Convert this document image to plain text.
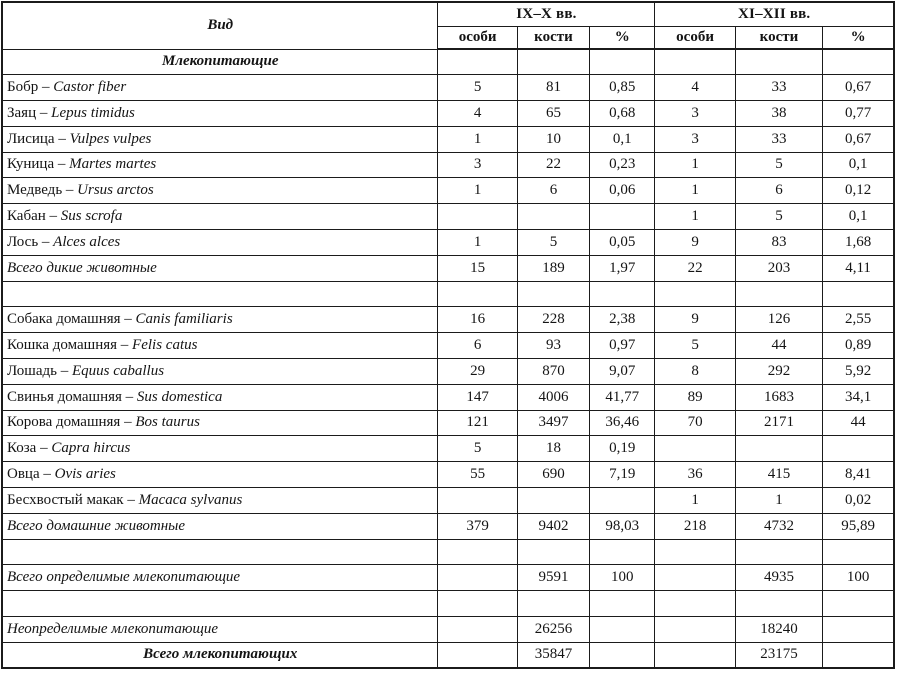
Вид	IX–X вв.			XI–XII вв.		
	особи	кости	%	особи	кости	%
Млекопитающие						
Бобр – Castor fiber	5	81	0,85	4	33	0,67
Заяц – Lepus timidus	4	65	0,68	3	38	0,77
Лисица – Vulpes vulpes	1	10	0,1	3	33	0,67
Куница – Martes martes	3	22	0,23	1	5	0,1
Медведь – Ursus arctos	1	6	0,06	1	6	0,12
Кабан – Sus scrofa				1	5	0,1
Лось – Alces alces	1	5	0,05	9	83	1,68
Всего дикие животные	15	189	1,97	22	203	4,11

Собака домашняя – Canis familiaris	16	228	2,38	9	126	2,55
Кошка домашняя – Felis catus	6	93	0,97	5	44	0,89
Лошадь – Equus caballus	29	870	9,07	8	292	5,92
Свинья домашняя – Sus domestica	147	4006	41,77	89	1683	34,1
Корова домашняя – Bos taurus	121	3497	36,46	70	2171	44
Коза – Capra hircus	5	18	0,19			
Овца – Ovis aries	55	690	7,19	36	415	8,41
Бесхвостый макак – Macaca sylvanus				1	1	0,02
Всего домашние животные	379	9402	98,03	218	4732	95,89

Всего определимые млекопитающие		9591	100		4935	100

Неопределимые млекопитающие		26256			18240	
Всего млекопитающих		35847			23175	
